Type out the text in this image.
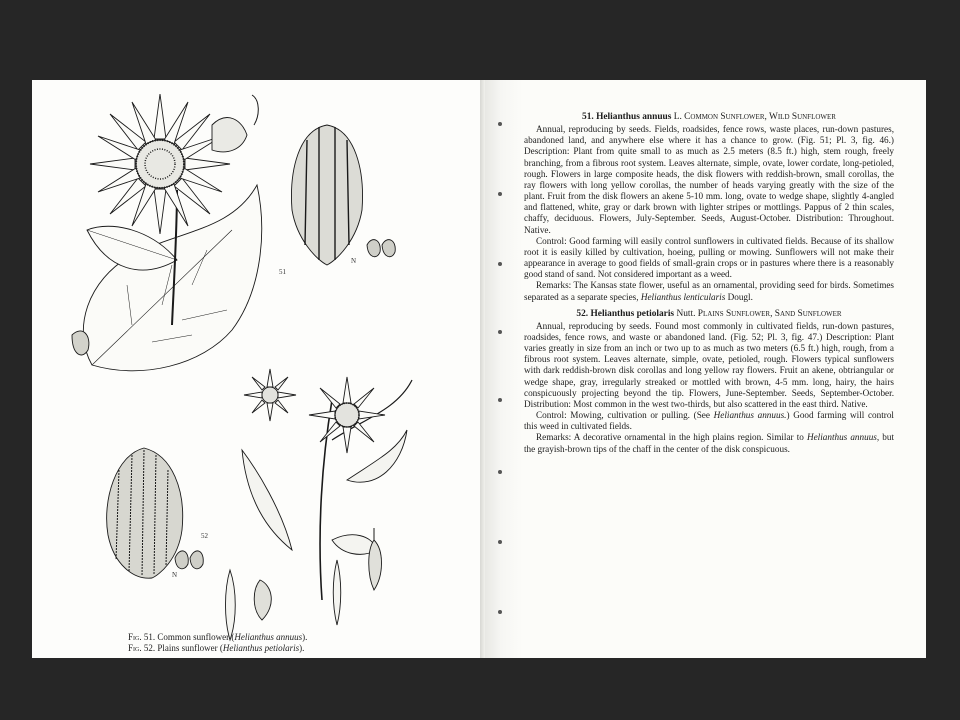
51
52
N
N
Fig. 51. Common sunflower (Helianthus annuus).
Fig. 52. Plains sunflower (Helianthus petiolaris).

51. Helianthus annuus L. Common Sunflower, Wild Sunflower

Annual, reproducing by seeds. Fields, roadsides, fence rows, waste places, run-down pastures, abandoned land, and anywhere else where it has a chance to grow. (Fig. 51; Pl. 3, fig. 46.) Description: Plant from quite small to as much as 2.5 meters (8.5 ft.) high, stem rough, freely branching, from a fibrous root system. Leaves alternate, simple, ovate, lower cordate, long-petioled, rough. Flowers in large composite heads, the disk flowers with reddish-brown, small corollas, the ray flowers with long yellow corollas, the number of heads varying greatly with the size of the plant. Fruit from the disk flowers an akene 5-10 mm. long, ovate to wedge shape, slightly 4-angled and flattened, white, gray or dark brown with lighter stripes or mottlings. Pappus of 2 thin scales, chaffy, deciduous. Flowers, July-September. Seeds, August-October. Distribution: Throughout. Native.

Control: Good farming will easily control sunflowers in cultivated fields. Because of its shallow root it is easily killed by cultivation, hoeing, pulling or mowing. Sunflowers will not make their appearance in average to good fields of small-grain crops or in pastures where there is a reasonably good stand of sand. Not considered important as a weed.

Remarks: The Kansas state flower, useful as an ornamental, providing seed for birds. Sometimes separated as a separate species, Helianthus lenticularis Dougl.

52. Helianthus petiolaris Nutt. Plains Sunflower, Sand Sunflower

Annual, reproducing by seeds. Found most commonly in cultivated fields, run-down pastures, roadsides, fence rows, and waste or abandoned land. (Fig. 52; Pl. 3, fig. 47.) Description: Plant varies greatly in size from an inch or two up to as much as two meters (6.5 ft.) high, rough, from a fibrous root system. Leaves alternate, simple, ovate, petioled, rough. Flowers typical sunflowers with dark reddish-brown disk corollas and long yellow ray flowers. Fruit an akene, obtriangular or wedge shape, gray, irregularly streaked or mottled with brown, 4-5 mm. long, hairy, the hairs conspicuously projecting beyond the tip. Flowers, June-September. Seeds, September-October. Distribution: Most common in the west two-thirds, but also scattered in the east third. Native.

Control: Mowing, cultivation or pulling. (See Helianthus annuus.) Good farming will control this weed in cultivated fields.

Remarks: A decorative ornamental in the high plains region. Similar to Helianthus annuus, but the grayish-brown tips of the chaff in the center of the disk conspicuous.
